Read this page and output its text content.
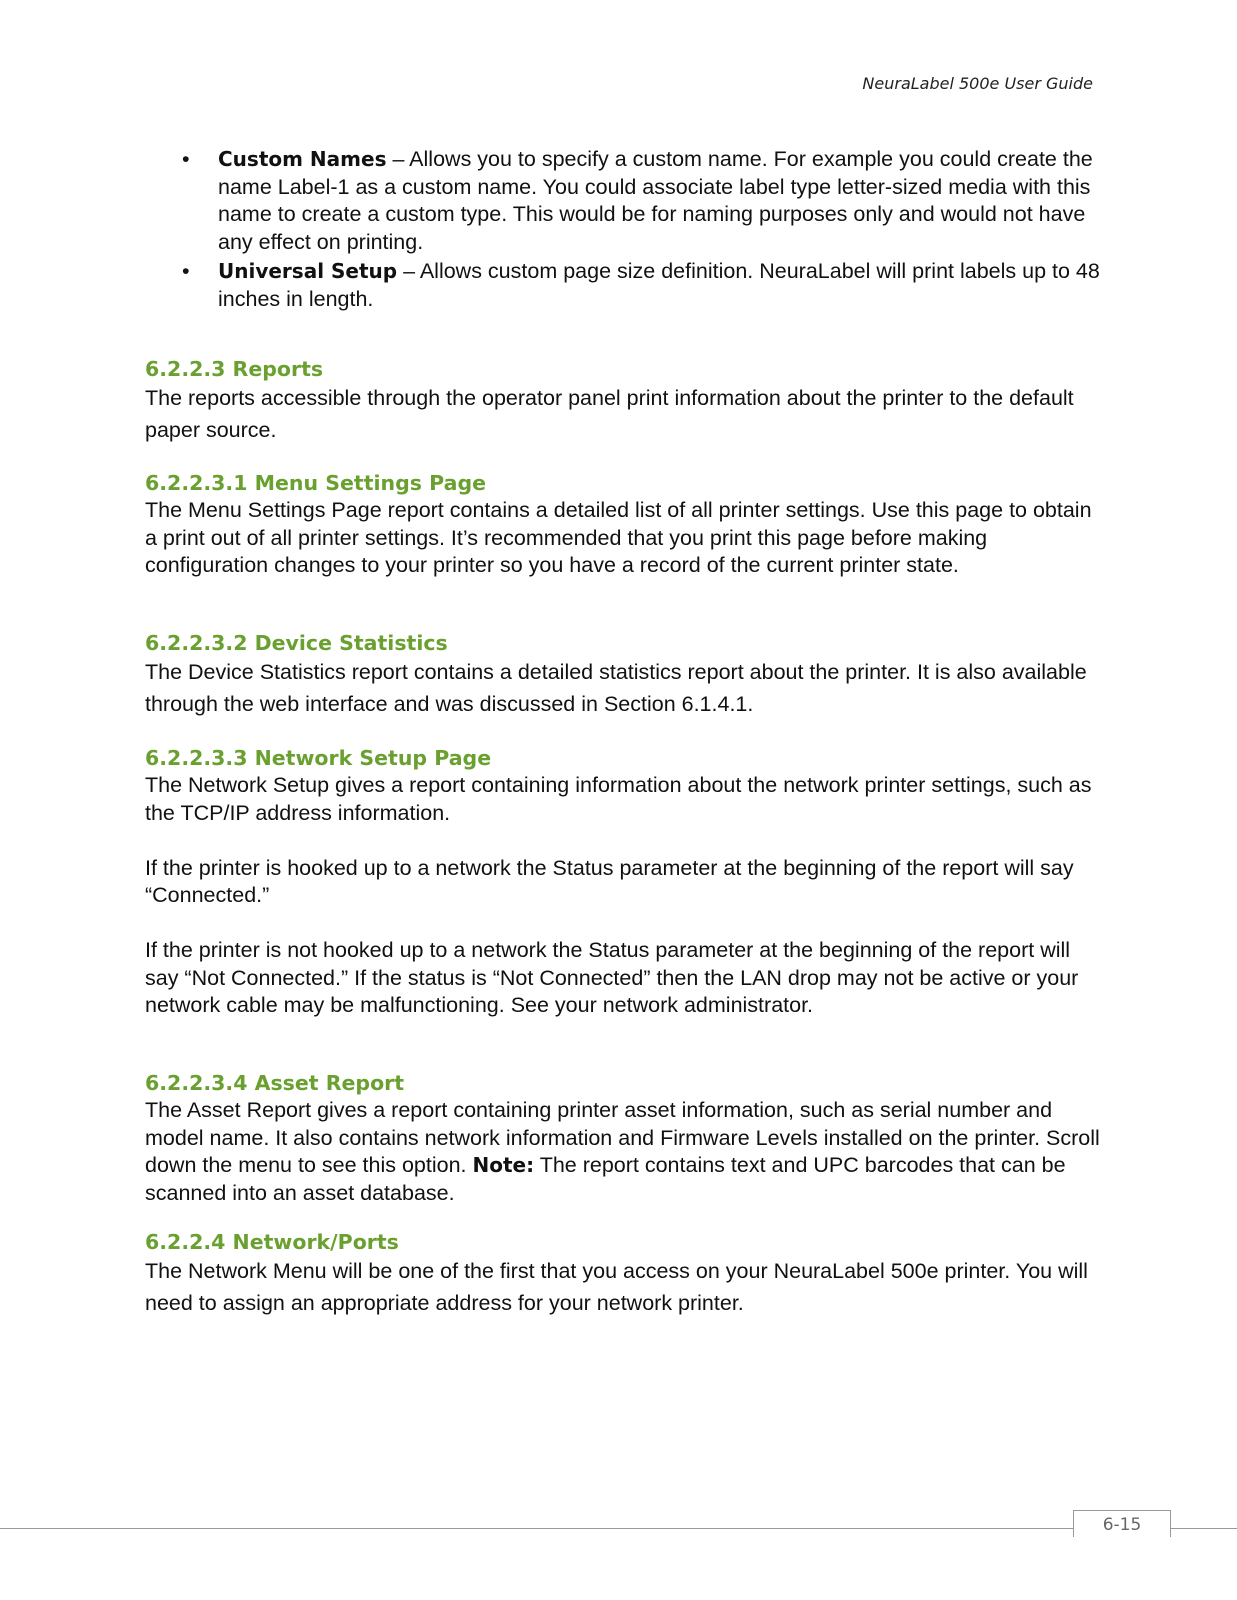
NeuraLabel 500e User Guide
• Custom Names – Allows you to specify a custom name. For example you could create the name Label-1 as a custom name. You could associate label type letter-sized media with this name to create a custom type. This would be for naming purposes only and would not have any effect on printing.
• Universal Setup – Allows custom page size definition. NeuraLabel will print labels up to 48 inches in length.
6.2.2.3 Reports

The reports accessible through the operator panel print information about the printer to the default paper source.

6.2.2.3.1 Menu Settings Page

The Menu Settings Page report contains a detailed list of all printer settings. Use this page to obtain a print out of all printer settings. It’s recommended that you print this page before making configuration changes to your printer so you have a record of the current printer state.

6.2.2.3.2 Device Statistics

The Device Statistics report contains a detailed statistics report about the printer. It is also available through the web interface and was discussed in Section 6.1.4.1.

6.2.2.3.3 Network Setup Page

The Network Setup gives a report containing information about the network printer settings, such as the TCP/IP address information.

If the printer is hooked up to a network the Status parameter at the beginning of the report will say “Connected.”

If the printer is not hooked up to a network the Status parameter at the beginning of the report will say “Not Connected.” If the status is “Not Connected” then the LAN drop may not be active or your network cable may be malfunctioning. See your network administrator.

6.2.2.3.4 Asset Report

The Asset Report gives a report containing printer asset information, such as serial number and model name. It also contains network information and Firmware Levels installed on the printer. Scroll down the menu to see this option. Note: The report contains text and UPC barcodes that can be scanned into an asset database.

6.2.2.4 Network/Ports

The Network Menu will be one of the first that you access on your NeuraLabel 500e printer. You will need to assign an appropriate address for your network printer.

6-15
